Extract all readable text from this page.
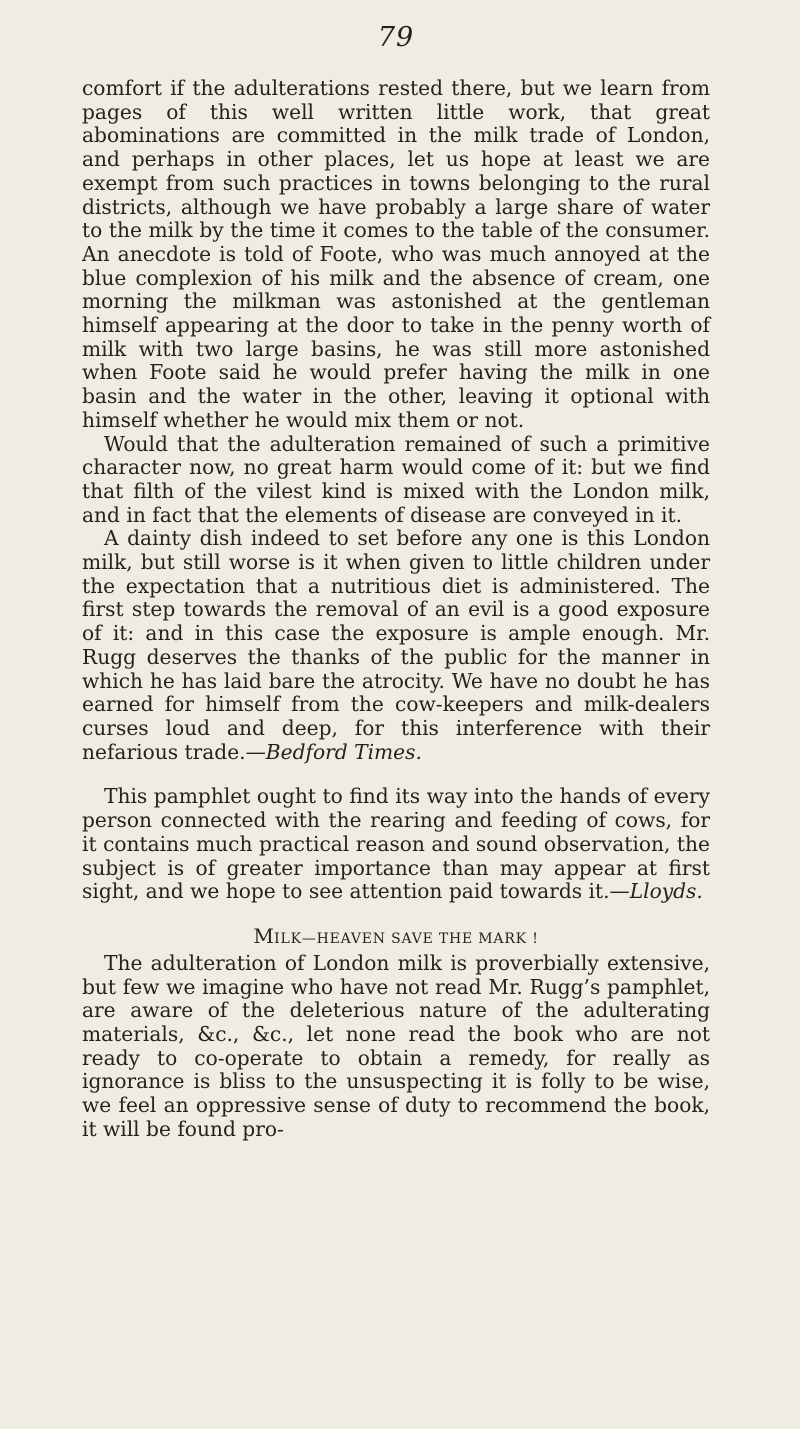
79

comfort if the adulterations rested there, but we learn from pages of this well written little work, that great abominations are committed in the milk trade of London, and perhaps in other places, let us hope at least we are exempt from such practices in towns belonging to the rural districts, although we have probably a large share of water to the milk by the time it comes to the table of the consumer. An anecdote is told of Foote, who was much annoyed at the blue complexion of his milk and the absence of cream, one morning the milkman was astonished at the gentleman himself appearing at the door to take in the penny worth of milk with two large basins, he was still more astonished when Foote said he would prefer having the milk in one basin and the water in the other, leaving it optional with himself whether he would mix them or not.

Would that the adulteration remained of such a primitive character now, no great harm would come of it: but we find that filth of the vilest kind is mixed with the London milk, and in fact that the elements of disease are conveyed in it.

A dainty dish indeed to set before any one is this London milk, but still worse is it when given to little children under the expectation that a nutritious diet is administered. The first step towards the removal of an evil is a good exposure of it: and in this case the exposure is ample enough. Mr. Rugg deserves the thanks of the public for the manner in which he has laid bare the atrocity. We have no doubt he has earned for himself from the cow-keepers and milk-dealers curses loud and deep, for this interference with their nefarious trade.—Bedford Times.

This pamphlet ought to find its way into the hands of every person connected with the rearing and feeding of cows, for it contains much practical reason and sound observation, the subject is of greater importance than may appear at first sight, and we hope to see attention paid towards it.—Lloyds.

MILK—HEAVEN SAVE THE MARK !

The adulteration of London milk is proverbially extensive, but few we imagine who have not read Mr. Rugg’s pamphlet, are aware of the deleterious nature of the adulterating materials, &c., &c., let none read the book who are not ready to co-operate to obtain a remedy, for really as ignorance is bliss to the unsuspecting it is folly to be wise, we feel an oppressive sense of duty to recommend the book, it will be found pro-
